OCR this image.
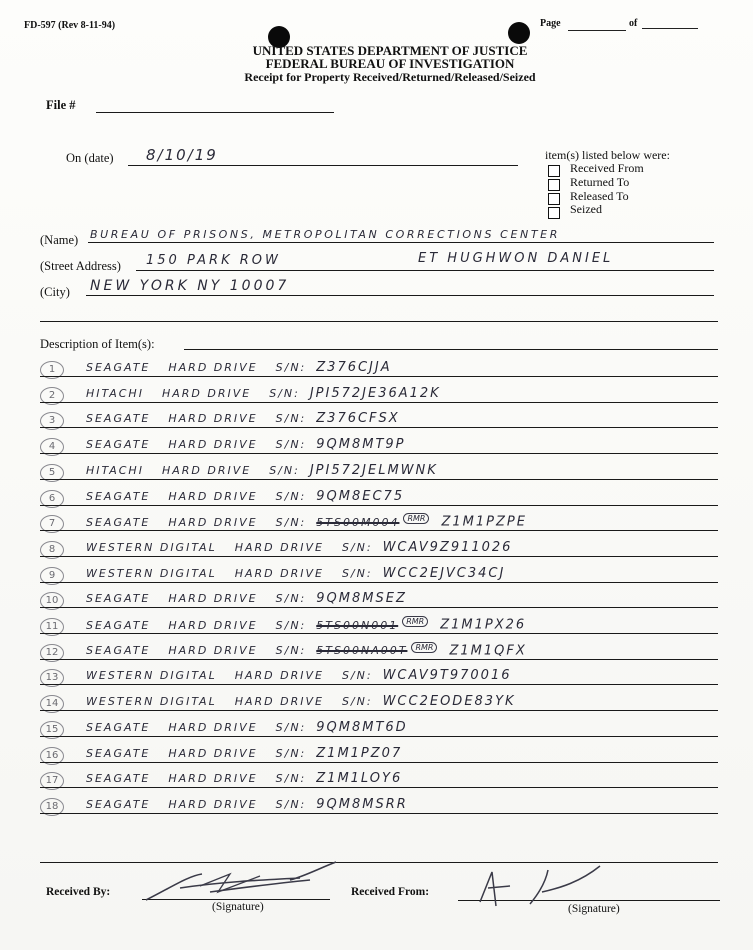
FD-597 (Rev 8-11-94)	Page	of
UNITED STATES DEPARTMENT OF JUSTICE
FEDERAL BUREAU OF INVESTIGATION
Receipt for Property Received/Returned/Released/Seized
File #
On (date) 8/10/19	item(s) listed below were:
Received From
Returned To
Released To
Seized
(Name) BUREAU OF PRISONS, METROPOLITAN CORRECTIONS CENTER
(Street Address) 150 PARK ROW	ET HUGHWON DANIEL
(City) NEW YORK NY 10007
Description of Item(s):
1	SEAGATE HARD DRIVE S/N: Z376CJJA
2	HITACHI HARD DRIVE S/N: JPI572JE36A12K
3	SEAGATE HARD DRIVE S/N: Z376CFSX
4	SEAGATE HARD DRIVE S/N: 9QM8MT9P
5	HITACHI HARD DRIVE S/N: JPI572JELMWNK
6	SEAGATE HARD DRIVE S/N: 9QM8EC75
7	SEAGATE HARD DRIVE S/N: 5TS00M004 $^{RMR}$ Z1M1PZPE
8	WESTERN DIGITAL HARD DRIVE S/N: WCAV9Z911026
9	WESTERN DIGITAL HARD DRIVE S/N: WCC2EJVC34CJ
10	SEAGATE HARD DRIVE S/N: 9QM8MSEZ
11	SEAGATE HARD DRIVE S/N: 5TS00N001 $^{RMR}$ Z1M1PX26
12	SEAGATE HARD DRIVE S/N: 5TS00NA00T $^{RMR}$ Z1M1QFX
13	WESTERN DIGITAL HARD DRIVE S/N: WCAV9T970016
14	WESTERN DIGITAL HARD DRIVE S/N: WCC2EODE83YK
15	SEAGATE HARD DRIVE S/N: 9QM8MT6D
16	SEAGATE HARD DRIVE S/N: Z1M1PZ07
17	SEAGATE HARD DRIVE S/N: Z1M1LOY6
18	SEAGATE HARD DRIVE S/N: 9QM8MSRR
Received By:
(Signature)
Received From:
(Signature)
